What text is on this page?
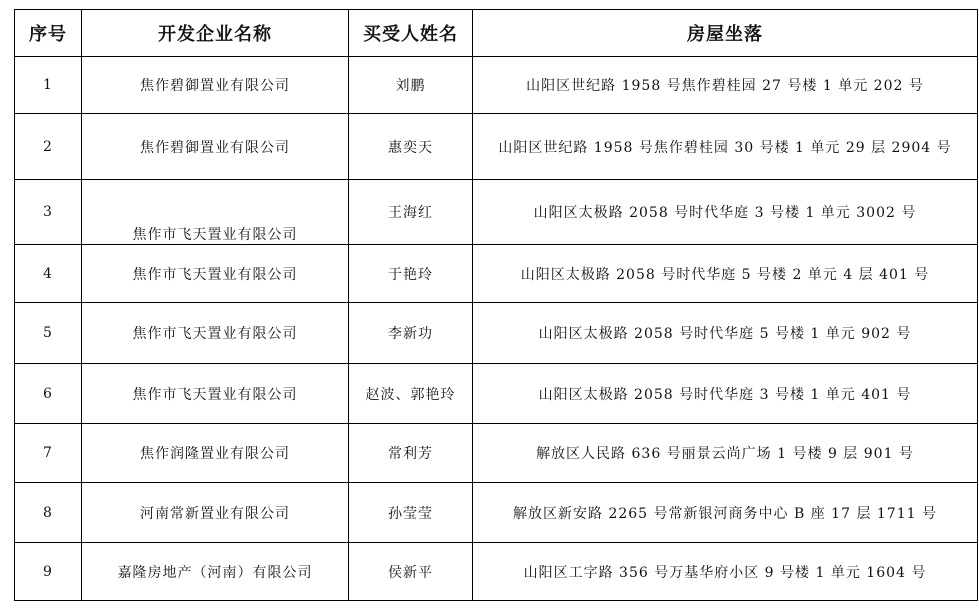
序号	开发企业名称	买受人姓名	房屋坐落
1	焦作碧御置业有限公司	刘鹏	山阳区世纪路 1958 号焦作碧桂园 27 号楼 1 单元 202 号
2	焦作碧御置业有限公司	惠奕天	山阳区世纪路 1958 号焦作碧桂园 30 号楼 1 单元 29 层 2904 号
3	焦作市飞天置业有限公司	王海红	山阳区太极路 2058 号时代华庭 3 号楼 1 单元 3002 号
4	焦作市飞天置业有限公司	于艳玲	山阳区太极路 2058 号时代华庭 5 号楼 2 单元 4 层 401 号
5	焦作市飞天置业有限公司	李新功	山阳区太极路 2058 号时代华庭 5 号楼 1 单元 902 号
6	焦作市飞天置业有限公司	赵波、郭艳玲	山阳区太极路 2058 号时代华庭 3 号楼 1 单元 401 号
7	焦作润隆置业有限公司	常利芳	解放区人民路 636 号丽景云尚广场 1 号楼 9 层 901 号
8	河南常新置业有限公司	孙莹莹	解放区新安路 2265 号常新银河商务中心 B 座 17 层 1711 号
9	嘉隆房地产（河南）有限公司	侯新平	山阳区工字路 356 号万基华府小区 9 号楼 1 单元 1604 号
